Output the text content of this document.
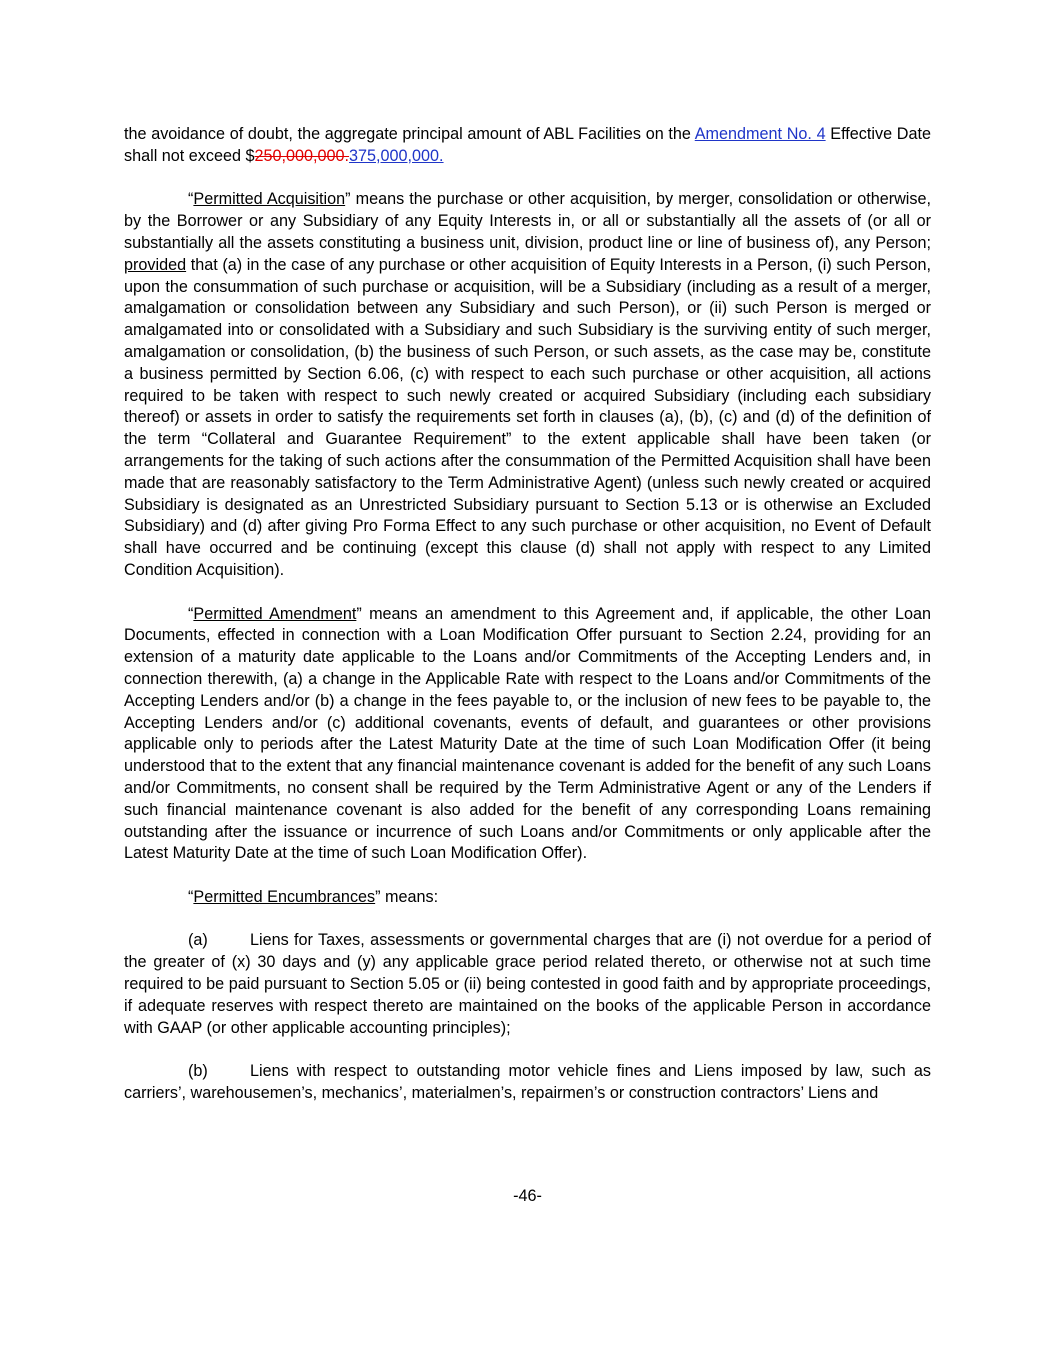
the avoidance of doubt, the aggregate principal amount of ABL Facilities on the Amendment No. 4 Effective Date shall not exceed $250,000,000.375,000,000.

“Permitted Acquisition” means the purchase or other acquisition, by merger, consolidation or otherwise, by the Borrower or any Subsidiary of any Equity Interests in, or all or substantially all the assets of (or all or substantially all the assets constituting a business unit, division, product line or line of business of), any Person; provided that (a) in the case of any purchase or other acquisition of Equity Interests in a Person, (i) such Person, upon the consummation of such purchase or acquisition, will be a Subsidiary (including as a result of a merger, amalgamation or consolidation between any Subsidiary and such Person), or (ii) such Person is merged or amalgamated into or consolidated with a Subsidiary and such Subsidiary is the surviving entity of such merger, amalgamation or consolidation, (b) the business of such Person, or such assets, as the case may be, constitute a business permitted by Section 6.06, (c) with respect to each such purchase or other acquisition, all actions required to be taken with respect to such newly created or acquired Subsidiary (including each subsidiary thereof) or assets in order to satisfy the requirements set forth in clauses (a), (b), (c) and (d) of the definition of the term “Collateral and Guarantee Requirement” to the extent applicable shall have been taken (or arrangements for the taking of such actions after the consummation of the Permitted Acquisition shall have been made that are reasonably satisfactory to the Term Administrative Agent) (unless such newly created or acquired Subsidiary is designated as an Unrestricted Subsidiary pursuant to Section 5.13 or is otherwise an Excluded Subsidiary) and (d) after giving Pro Forma Effect to any such purchase or other acquisition, no Event of Default shall have occurred and be continuing (except this clause (d) shall not apply with respect to any Limited Condition Acquisition).

“Permitted Amendment” means an amendment to this Agreement and, if applicable, the other Loan Documents, effected in connection with a Loan Modification Offer pursuant to Section 2.24, providing for an extension of a maturity date applicable to the Loans and/or Commitments of the Accepting Lenders and, in connection therewith, (a) a change in the Applicable Rate with respect to the Loans and/or Commitments of the Accepting Lenders and/or (b) a change in the fees payable to, or the inclusion of new fees to be payable to, the Accepting Lenders and/or (c) additional covenants, events of default, and guarantees or other provisions applicable only to periods after the Latest Maturity Date at the time of such Loan Modification Offer (it being understood that to the extent that any financial maintenance covenant is added for the benefit of any such Loans and/or Commitments, no consent shall be required by the Term Administrative Agent or any of the Lenders if such financial maintenance covenant is also added for the benefit of any corresponding Loans remaining outstanding after the issuance or incurrence of such Loans and/or Commitments or only applicable after the Latest Maturity Date at the time of such Loan Modification Offer).

“Permitted Encumbrances” means:

(a)	Liens for Taxes, assessments or governmental charges that are (i) not overdue for a period of the greater of (x) 30 days and (y) any applicable grace period related thereto, or otherwise not at such time required to be paid pursuant to Section 5.05 or (ii) being contested in good faith and by appropriate proceedings, if adequate reserves with respect thereto are maintained on the books of the applicable Person in accordance with GAAP (or other applicable accounting principles);

(b)	Liens with respect to outstanding motor vehicle fines and Liens imposed by law, such as carriers’, warehousemen’s, mechanics’, materialmen’s, repairmen’s or construction contractors’ Liens and

-46-
